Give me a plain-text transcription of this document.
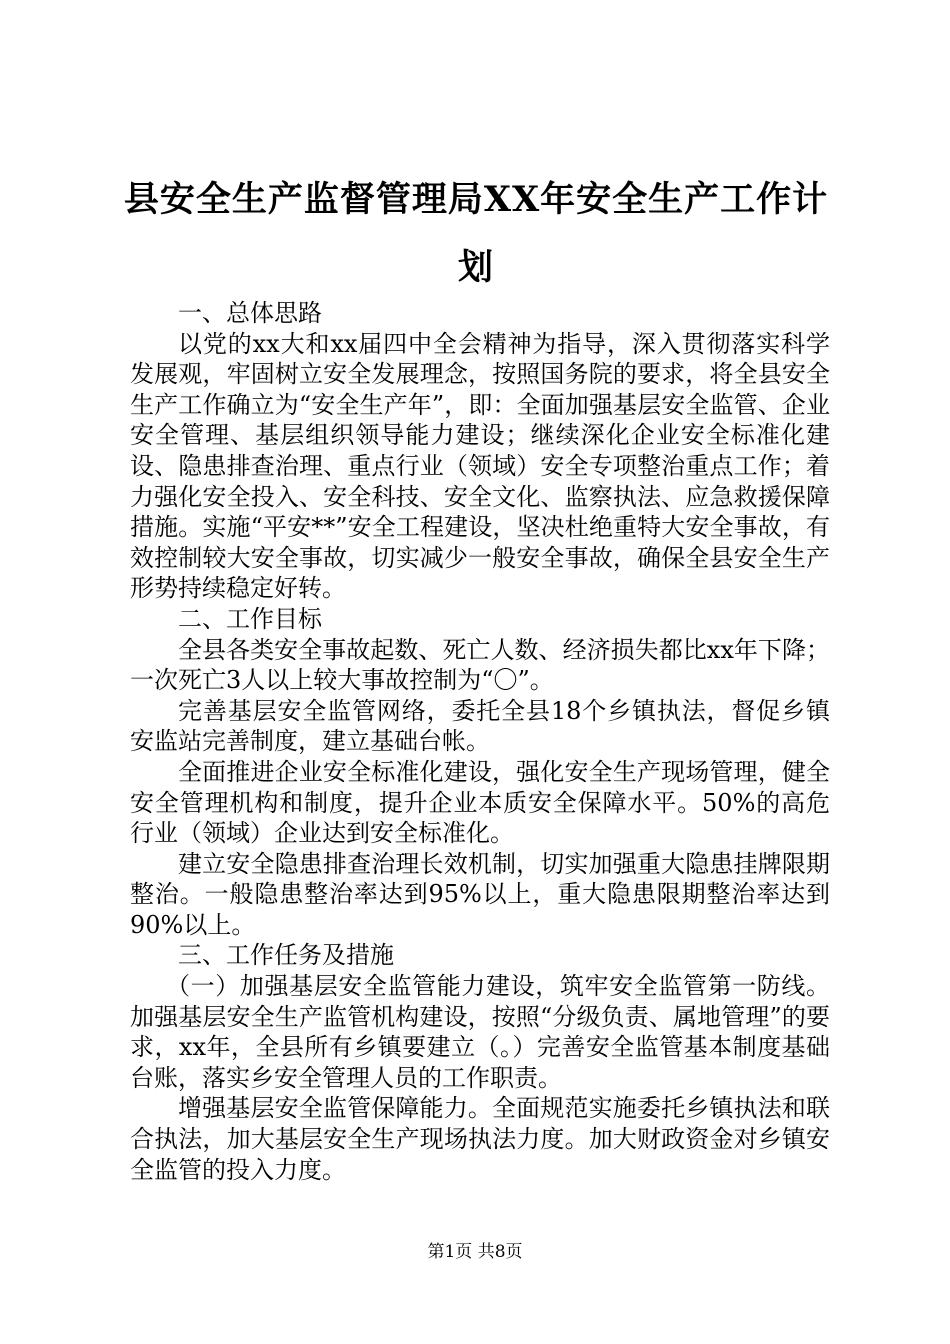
县安全生产监督管理局XX年安全生产工作计划

一、总体思路

以党的xx大和xx届四中全会精神为指导，深入贯彻落实科学发展观，牢固树立安全发展理念，按照国务院的要求，将全县安全生产工作确立为“安全生产年”，即：全面加强基层安全监管、企业安全管理、基层组织领导能力建设；继续深化企业安全标准化建设、隐患排查治理、重点行业（领域）安全专项整治重点工作；着力强化安全投入、安全科技、安全文化、监察执法、应急救援保障措施。实施“平安**”安全工程建设，坚决杜绝重特大安全事故，有效控制较大安全事故，切实减少一般安全事故，确保全县安全生产形势持续稳定好转。

二、工作目标

全县各类安全事故起数、死亡人数、经济损失都比xx年下降；一次死亡3人以上较大事故控制为“〇”。

完善基层安全监管网络，委托全县18个乡镇执法，督促乡镇安监站完善制度，建立基础台帐。

全面推进企业安全标准化建设，强化安全生产现场管理，健全安全管理机构和制度，提升企业本质安全保障水平。50%的高危行业（领域）企业达到安全标准化。

建立安全隐患排查治理长效机制，切实加强重大隐患挂牌限期整治。一般隐患整治率达到95%以上，重大隐患限期整治率达到90%以上。

三、工作任务及措施

（一）加强基层安全监管能力建设，筑牢安全监管第一防线。加强基层安全生产监管机构建设，按照“分级负责、属地管理”的要求，xx年，全县所有乡镇要建立（。）完善安全监管基本制度基础台账，落实乡安全管理人员的工作职责。

增强基层安全监管保障能力。全面规范实施委托乡镇执法和联合执法，加大基层安全生产现场执法力度。加大财政资金对乡镇安全监管的投入力度。

第1页 共8页
